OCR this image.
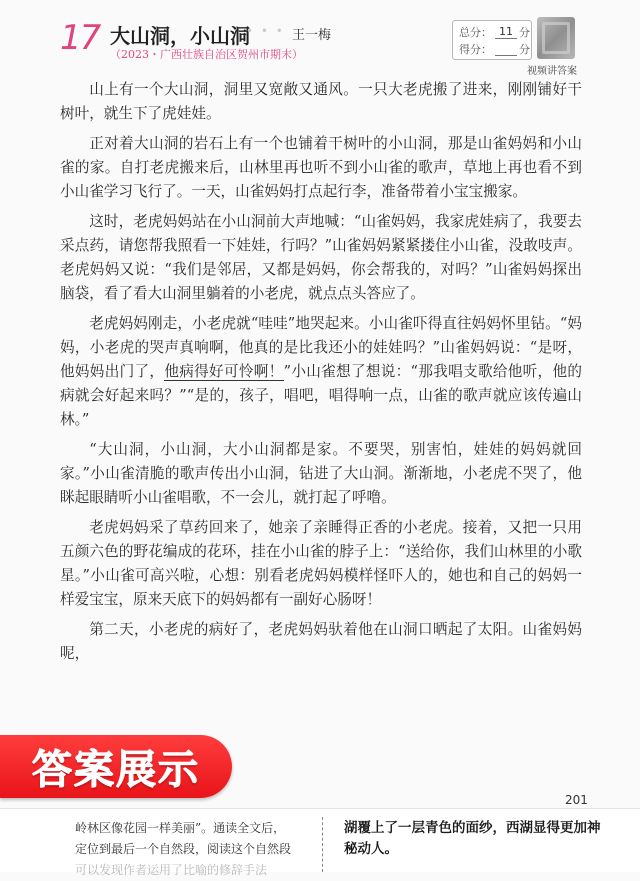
17 大山洞，小山洞
• • • 王一梅
（2023・广西壮族自治区贺州市期末）
总分： 11 分
得分： 分
视频讲答案

山上有一个大山洞，洞里又宽敞又通风。一只大老虎搬了进来，刚刚铺好干树叶，就生下了虎娃娃。

正对着大山洞的岩石上有一个也铺着干树叶的小山洞，那是山雀妈妈和小山雀的家。自打老虎搬来后，山林里再也听不到小山雀的歌声，草地上再也看不到小山雀学习飞行了。一天，山雀妈妈打点起行李，准备带着小宝宝搬家。

这时，老虎妈妈站在小山洞前大声地喊：“山雀妈妈，我家虎娃病了，我要去采点药，请您帮我照看一下娃娃，行吗？”山雀妈妈紧紧搂住小山雀，没敢吱声。老虎妈妈又说：“我们是邻居，又都是妈妈，你会帮我的，对吗？”山雀妈妈探出脑袋，看了看大山洞里躺着的小老虎，就点点头答应了。

老虎妈妈刚走，小老虎就“哇哇”地哭起来。小山雀吓得直往妈妈怀里钻。“妈妈，小老虎的哭声真响啊，他真的是比我还小的娃娃吗？”山雀妈妈说：“是呀，他妈妈出门了，他病得好可怜啊！”小山雀想了想说：“那我唱支歌给他听，他的病就会好起来吗？”“是的，孩子，唱吧，唱得响一点，山雀的歌声就应该传遍山林。”

“大山洞，小山洞，大小山洞都是家。不要哭，别害怕，娃娃的妈妈就回家。”小山雀清脆的歌声传出小山洞，钻进了大山洞。渐渐地，小老虎不哭了，他眯起眼睛听小山雀唱歌，不一会儿，就打起了呼噜。

老虎妈妈采了草药回来了，她亲了亲睡得正香的小老虎。接着，又把一只用五颜六色的野花编成的花环，挂在小山雀的脖子上：“送给你，我们山林里的小歌星。”小山雀可高兴啦，心想：别看老虎妈妈模样怪吓人的，她也和自己的妈妈一样爱宝宝，原来天底下的妈妈都有一副好心肠呀！

第二天，小老虎的病好了，老虎妈妈驮着他在山洞口晒起了太阳。山雀妈妈呢，

答案展示
201
岭林区像花园一样美丽”。通读全文后，
定位到最后一个自然段，阅读这个自然段
可以发现作者运用了比喻的修辞手法
湖覆上了一层青色的面纱，西湖显得更加神
秘动人。
